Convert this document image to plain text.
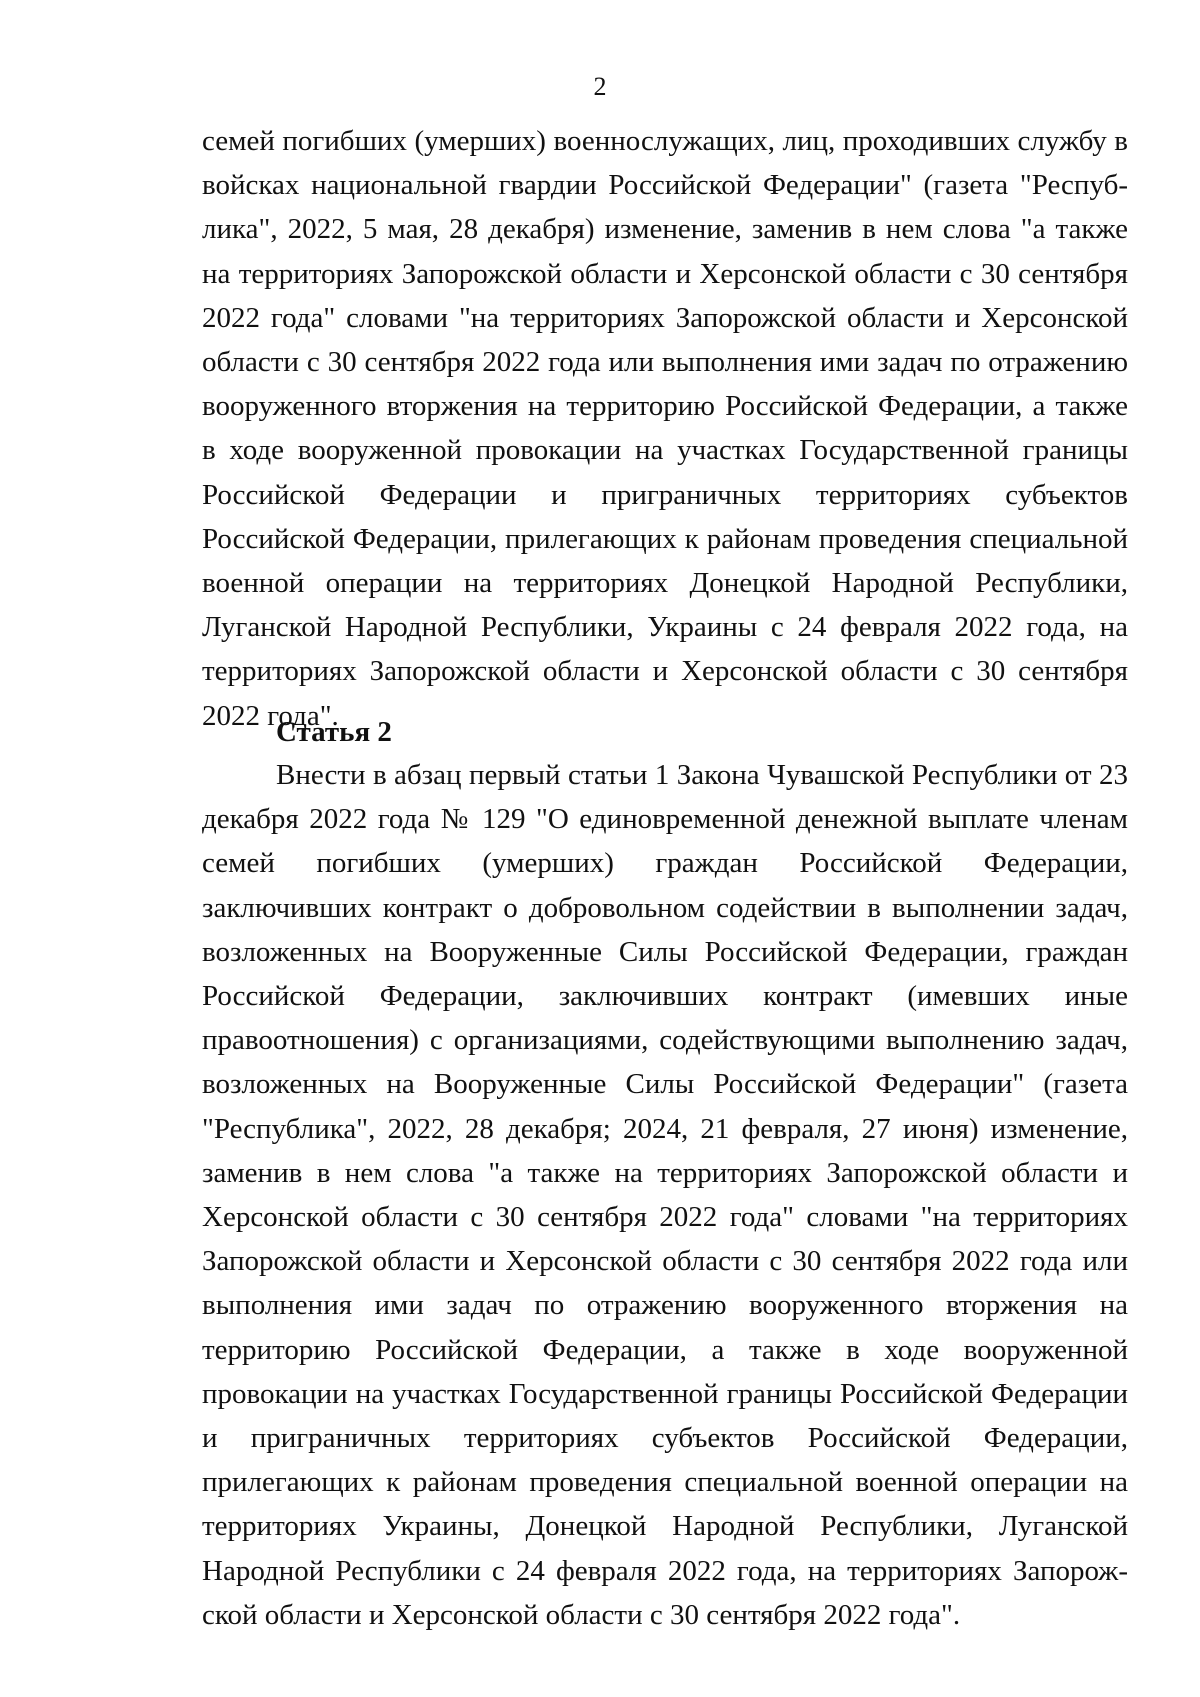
2

семей погибших (умерших) военнослужащих, лиц, проходивших службу в войсках национальной гвардии Российской Федерации" (газета "Республика", 2022, 5 мая, 28 декабря) изменение, заменив в нем слова "а также на территориях Запорожской области и Херсонской области с 30 сентября 2022 года" словами "на территориях Запорожской области и Херсонской области с 30 сентября 2022 года или выполнения ими задач по отражению вооруженного вторжения на территорию Российской Федерации, а также в ходе вооруженной провокации на участках Государственной границы Российской Федерации и приграничных территориях субъектов Российской Федерации, прилегающих к районам проведения специальной военной операции на территориях Донецкой Народной Республики, Луганской Народной Республики, Украины с 24 февраля 2022 года, на территориях Запорожской области и Херсонской области с 30 сентября 2022 года".

Статья 2

Внести в абзац первый статьи 1 Закона Чувашской Республики от 23 декабря 2022 года № 129 "О единовременной денежной выплате членам семей погибших (умерших) граждан Российской Федерации, заключивших контракт о добровольном содействии в выполнении задач, возложенных на Вооруженные Силы Российской Федерации, граждан Российской Федерации, заключивших контракт (имевших иные правоотношения) с организациями, содействующими выполнению задач, возложенных на Вооруженные Силы Российской Федерации" (газета "Республика", 2022, 28 декабря; 2024, 21 февраля, 27 июня) изменение, заменив в нем слова "а также на территориях Запорожской области и Херсонской области с 30 сентября 2022 года" словами "на территориях Запорожской области и Херсонской области с 30 сентября 2022 года или выполнения ими задач по отражению вооруженного вторжения на территорию Российской Федерации, а также в ходе вооруженной провокации на участках Государственной границы Российской Федерации и приграничных территориях субъектов Российской Федерации, прилегающих к районам проведения специальной военной операции на территориях Украины, Донецкой Народной Республики, Луганской Народной Республики с 24 февраля 2022 года, на территориях Запорожской области и Херсонской области с 30 сентября 2022 года".
